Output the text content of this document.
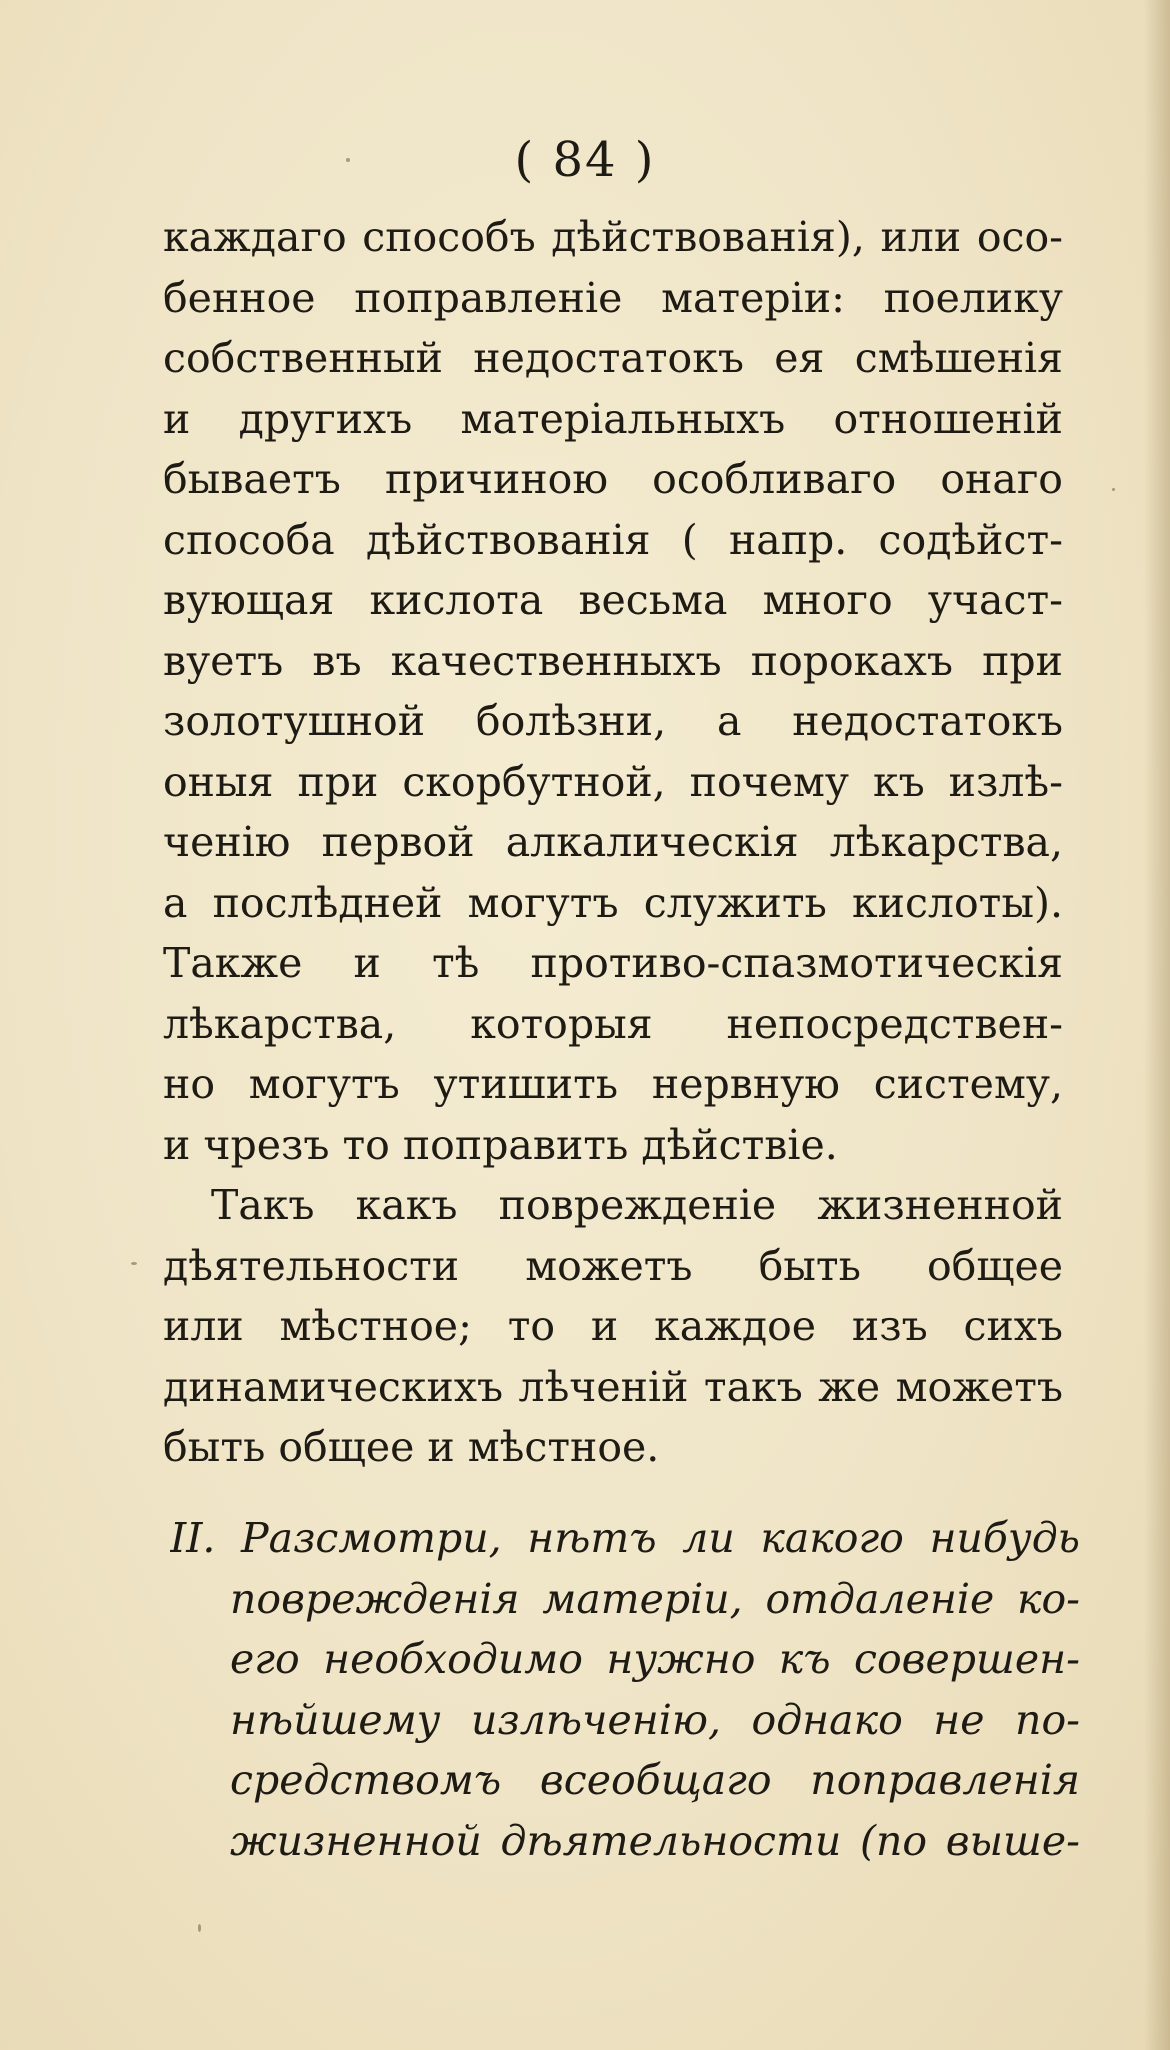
( 84 )
каждаго способъ дѣйствованія), или осо-
бенное поправленіе матеріи: поелику
собственный недостатокъ ея смѣшенія
и другихъ матеріальныхъ отношеній
бываетъ причиною особливаго онаго
способа дѣйствованія ( напр. содѣйст-
вующая кислота весьма много участ-
вуетъ въ качественныхъ порокахъ при
золотушной болѣзни, а недостатокъ
оныя при скорбутной, почему къ излѣ-
ченію первой алкалическія лѣкарства,
а послѣдней могутъ служить кислоты).
Также и тѣ противо-спазмотическія
лѣкарства, которыя непосредствен-
но могутъ утишить нервную систему,
и чрезъ то поправить дѣйствіе.
Такъ какъ поврежденіе жизненной
дѣятельности можетъ быть общее
или мѣстное; то и каждое изъ сихъ
динамическихъ лѣченій такъ же можетъ
быть общее и мѣстное.
II. Разсмотри, нѣтъ ли какого нибудь
поврежденія матеріи, отдаленіе ко-
его необходимо нужно къ совершен-
нѣйшему излѣченію, однако не по-
средствомъ всеобщаго поправленія
жизненной дѣятельности (по выше-
